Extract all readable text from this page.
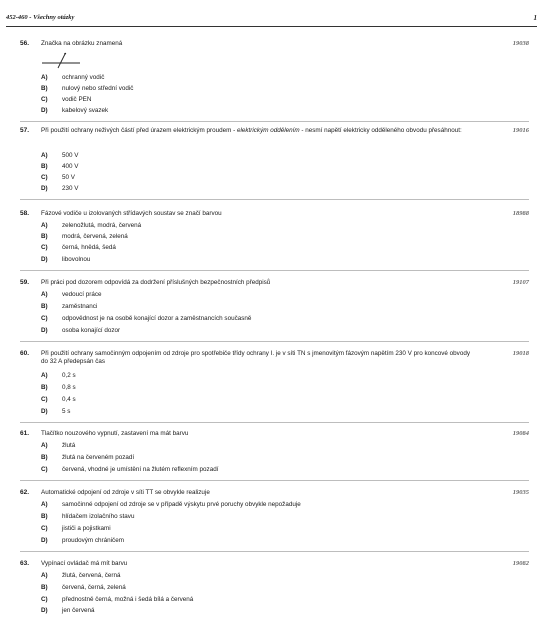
452-460 - Všechny otázky	1
56. Značka na obrázku znamená	19038
A) ochranný vodič
B) nulový nebo střední vodič
C) vodič PEN
D) kabelový svazek
57. Při použití ochrany neživých částí před úrazem elektrickým proudem - elektrickým oddělením - nesmí napětí elektricky odděleného obvodu přesáhnout:	19016
A) 500 V
B) 400 V
C) 50 V
D) 230 V
58. Fázové vodiče u izolovaných střídavých soustav se značí barvou	18988
A) zelenožlutá, modrá, červená
B) modrá, červená, zelená
C) černá, hnědá, šedá
D) libovolnou
59. Při práci pod dozorem odpovídá za dodržení příslušných bezpečnostních předpisů	19107
A) vedoucí práce
B) zaměstnanci
C) odpovědnost je na osobě konající dozor a zaměstnancích současně
D) osoba konající dozor
60. Při použití ochrany samočinným odpojením od zdroje pro spotřebiče třídy ochrany I. je v síti TN s jmenovitým fázovým napětím 230 V pro koncové obvody do 32 A předepsán čas
19018
A) 0,2 s
B) 0,8 s
C) 0,4 s
D) 5 s
61. Tlačítko nouzového vypnutí, zastavení ma mát barvu	19084
A) žlutá
B) žlutá na červeném pozadí
C) červená, vhodné je umístění na žlutém reflexním pozadí
62. Automatické odpojení od zdroje v síti TT se obvykle realizuje	19035
A) samočinné odpojení od zdroje se v případě výskytu prvé poruchy obvykle nepožaduje
B) hlídačem izolačního stavu
C) jističi a pojistkami
D) proudovým chráničem
63. Vypínací ovládač má mít barvu	19082
A) žlutá, červená, černá
B) červená, černá, zelená
C) přednostně černá, možná i šedá bílá a červená
D) jen červená
